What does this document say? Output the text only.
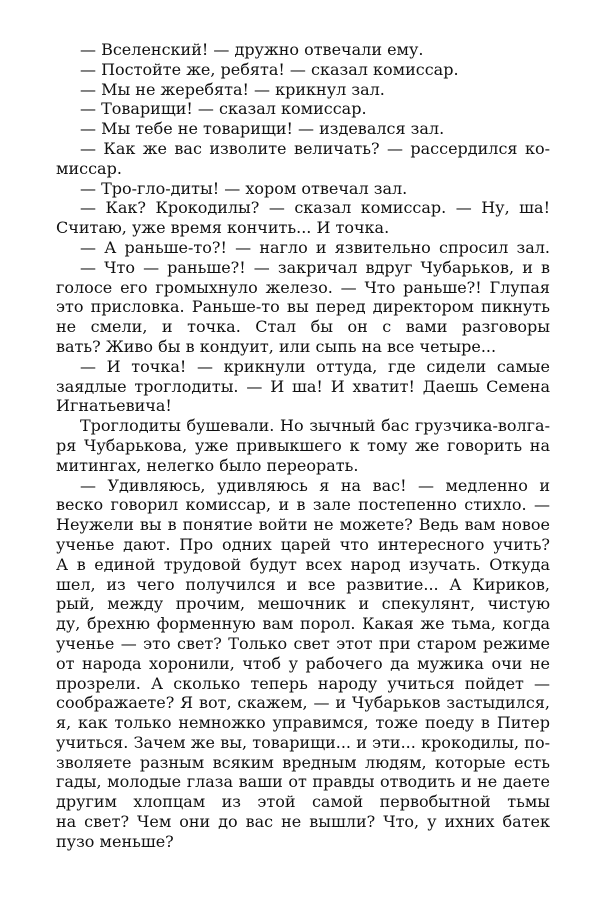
— Вселенский! — дружно отвечали ему.
— Постойте же, ребята! — сказал комиссар.
— Мы не жеребята! — крикнул зал.
— Товарищи! — сказал комиссар.
— Мы тебе не товарищи! — издевался зал.
— Как же вас изволите величать? — рассердился ко-
миссар.
— Тро-гло-диты! — хором отвечал зал.
— Как? Крокодилы? — сказал комиссар. — Ну, ша!
Считаю, уже время кончить... И точка.
— А раньше-то?! — нагло и язвительно спросил зал.
— Что — раньше?! — закричал вдруг Чубарьков, и в
голосе его громыхнуло железо. — Что раньше?! Глупая
это присловка. Раньше-то вы перед директором пикнуть
не смели, и точка. Стал бы он с вами разговоры
вать? Живо бы в кондуит, или сыпь на все четыре...
— И точка! — крикнули оттуда, где сидели самые
заядлые троглодиты. — И ша! И хватит! Даешь Семена
Игнатьевича!
Троглодиты бушевали. Но зычный бас грузчика-волга-
ря Чубарькова, уже привыкшего к тому же говорить на
митингах, нелегко было переорать.
— Удивляюсь, удивляюсь я на вас! — медленно и
веско говорил комиссар, и в зале постепенно стихло. —
Неужели вы в понятие войти не можете? Ведь вам новое
ученье дают. Про одних царей что интересного учить?
А в единой трудовой будут всех народ изучать. Откуда
шел, из чего получился и все развитие... А Кириков,
рый, между прочим, мешочник и спекулянт, чистую
ду, брехню форменную вам порол. Какая же тьма, когда
ученье — это свет? Только свет этот при старом режиме
от народа хоронили, чтоб у рабочего да мужика очи не
прозрели. А сколько теперь народу учиться пойдет —
соображаете? Я вот, скажем, — и Чубарьков застыдился,
я, как только немножко управимся, тоже поеду в Питер
учиться. Зачем же вы, товарищи... и эти... крокодилы, по-
зволяете разным всяким вредным людям, которые есть
гады, молодые глаза ваши от правды отводить и не даете
другим хлопцам из этой самой первобытной тьмы
на свет? Чем они до вас не вышли? Что, у ихних батек
пузо меньше?
